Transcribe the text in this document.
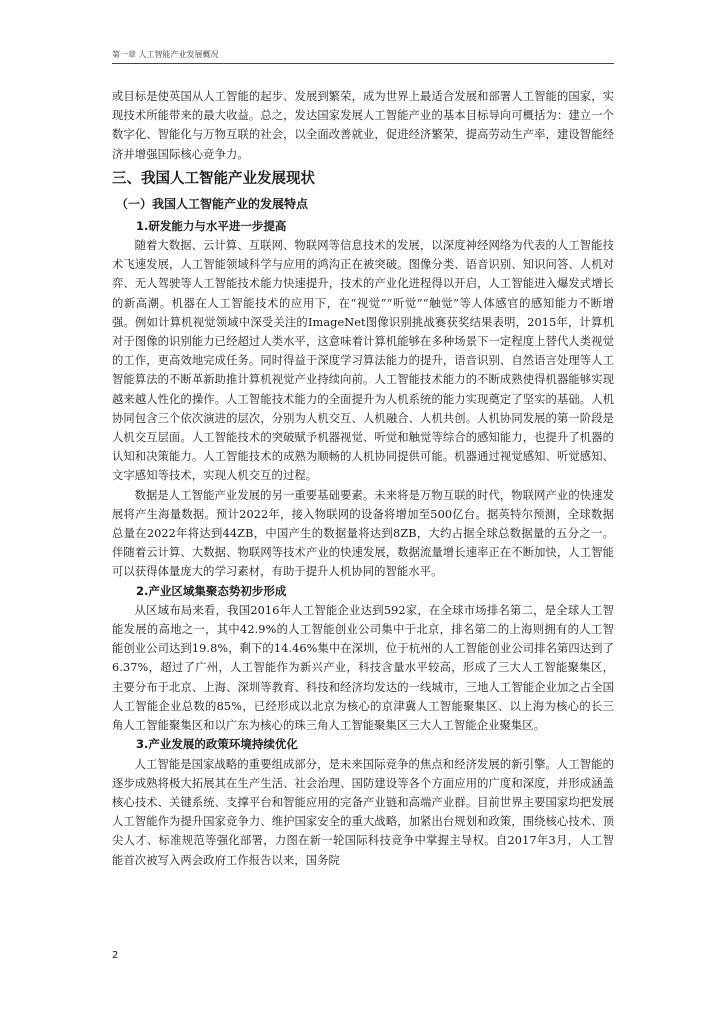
第一章 人工智能产业发展概况

或目标是使英国从人工智能的起步、发展到繁荣，成为世界上最适合发展和部署人工智能的国家，实现技术所能带来的最大收益。总之，发达国家发展人工智能产业的基本目标导向可概括为：建立一个数字化、智能化与万物互联的社会，以全面改善就业，促进经济繁荣，提高劳动生产率，建设智能经济并增强国际核心竞争力。

三、我国人工智能产业发展现状
（一）我国人工智能产业的发展特点
1.研发能力与水平进一步提高

随着大数据、云计算、互联网、物联网等信息技术的发展，以深度神经网络为代表的人工智能技术飞速发展，人工智能领域科学与应用的鸿沟正在被突破。图像分类、语音识别、知识问答、人机对弈、无人驾驶等人工智能技术能力快速提升，技术的产业化进程得以开启，人工智能进入爆发式增长的新高潮。机器在人工智能技术的应用下，在“视觉”“听觉”“触觉”等人体感官的感知能力不断增强。例如计算机视觉领域中深受关注的ImageNet图像识别挑战赛获奖结果表明，2015年，计算机对于图像的识别能力已经超过人类水平，这意味着计算机能够在多种场景下一定程度上替代人类视觉的工作，更高效地完成任务。同时得益于深度学习算法能力的提升，语音识别、自然语言处理等人工智能算法的不断革新助推计算机视觉产业持续向前。人工智能技术能力的不断成熟使得机器能够实现越来越人性化的操作。人工智能技术能力的全面提升为人机系统的能力实现奠定了坚实的基础。人机协同包含三个依次演进的层次，分别为人机交互、人机融合、人机共创。人机协同发展的第一阶段是人机交互层面。人工智能技术的突破赋予机器视觉、听觉和触觉等综合的感知能力，也提升了机器的认知和决策能力。人工智能技术的成熟为顺畅的人机协同提供可能。机器通过视觉感知、听觉感知、文字感知等技术，实现人机交互的过程。

数据是人工智能产业发展的另一重要基础要素。未来将是万物互联的时代，物联网产业的快速发展将产生海量数据。预计2022年，接入物联网的设备将增加至500亿台。据英特尔预测，全球数据总量在2022年将达到44ZB，中国产生的数据量将达到8ZB，大约占据全球总数据量的五分之一。伴随着云计算、大数据、物联网等技术产业的快速发展，数据流量增长速率正在不断加快，人工智能可以获得体量庞大的学习素材，有助于提升人机协同的智能水平。

2.产业区域集聚态势初步形成

从区域布局来看，我国2016年人工智能企业达到592家，在全球市场排名第二，是全球人工智能发展的高地之一，其中42.9%的人工智能创业公司集中于北京，排名第二的上海则拥有的人工智能创业公司达到19.8%，剩下的14.46%集中在深圳，位于杭州的人工智能创业公司排名第四达到了6.37%，超过了广州，人工智能作为新兴产业，科技含量水平较高，形成了三大人工智能聚集区，主要分布于北京、上海、深圳等教育、科技和经济均发达的一线城市，三地人工智能企业加之占全国人工智能企业总数的85%，已经形成以北京为核心的京津冀人工智能聚集区、以上海为核心的长三角人工智能聚集区和以广东为核心的珠三角人工智能聚集区三大人工智能企业聚集区。

3.产业发展的政策环境持续优化

人工智能是国家战略的重要组成部分，是未来国际竞争的焦点和经济发展的新引擎。人工智能的逐步成熟将极大拓展其在生产生活、社会治理、国防建设等各个方面应用的广度和深度，并形成涵盖核心技术、关键系统、支撑平台和智能应用的完备产业链和高端产业群。目前世界主要国家均把发展人工智能作为提升国家竞争力、维护国家安全的重大战略，加紧出台规划和政策，围绕核心技术、顶尖人才、标准规范等强化部署，力图在新一轮国际科技竞争中掌握主导权。自2017年3月，人工智能首次被写入两会政府工作报告以来，国务院

2
